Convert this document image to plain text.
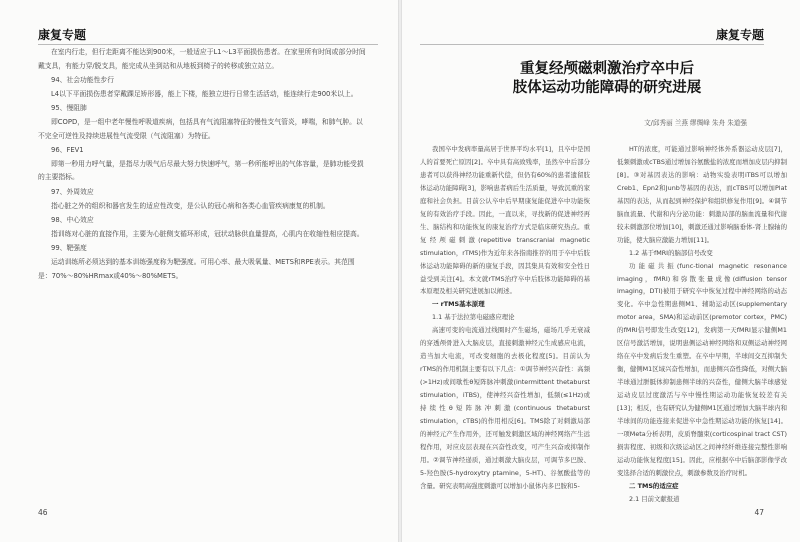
康复专题

在室内行走，但行走距离不能达到900米，一般适应于L1～L3平面损伤患者。在家里所有时间或部分时间戴支具，有能力穿/脱支具，能完成从坐到站和从地板到椅子的转移或独立站立。

94、社会功能性步行

L4以下平面损伤患者穿戴踝足矫形器，能上下楼，能独立进行日常生活活动，能连续行走900米以上。

95、慢阻肺

即COPD，是一组中老年慢性呼吸道疾病，包括具有气流阻塞特征的慢性支气管炎，哮喘，和肺气肿。以不完全可逆性及持续进展性气流受限（气流阻塞）为特征。

96、FEV1

即第一秒用力呼气量，是指尽力吸气后尽最大努力快速呼气，第一秒所能呼出的气体容量，是肺功能受损的主要指标。

97、外周效应

指心脏之外的组织和器官发生的适应性改变，是公认的冠心病和各类心血管疾病康复的机制。

98、中心效应

指训练对心脏的直接作用，主要为心脏侧支循环形成，冠状动脉供血量提高，心肌内在收缩性相应提高。

99、靶强度

运动训练所必须达到的基本训练强度称为靶强度。可用心率、最大吸氧量、METS和RPE表示。其范围是：70%～80%HRmax或40%～80%METS。

46
康复专题
重复经颅磁刺激治疗卒中后
肢体运动功能障碍的研究进展
文/邱秀丽 兰燕 缪绸峰 朱舟 朱道强

我国卒中发病率量高居于世界平均水平[1]，且卒中是国人的首要死亡原因[2]。卒中具有高致残率，虽然卒中后部分患者可以获得神经功能重新代偿，但仍有60%的患者遗留肢体运动功能障碍[3]，影响患者病后生活质量，导致沉重的家庭和社会负担。目前公认卒中后早期康复能促进卒中功能恢复的有效治疗手段。因此，一直以来，寻找新的促进神经再生、脑结构和功能恢复的康复治疗方式是临床研究热点。重复经颅磁刺激(repetitive transcranial magnetic stimulation，rTMS)作为近年来各指南推荐的用于卒中后肢体运动功能障碍的新的康复手段，因其集具有效和安全性日益受到关注[4]。本文就rTMS治疗卒中后肢体功能障碍的基本原理及相关研究进展加以阐述。

一 rTMS基本原理

1.1 基于法拉第电磁感应理论

高速可变的电流通过线圈时产生磁场，磁场几乎无衰减的穿透颅骨进入大脑皮层，直接刺激神经元生成感应电流，造当加大电流，可改变细胞的去极化程度[5]。目前认为rTMS的作用机制主要有以下几点：①调节神经兴奋性：高频(>1Hz)或间歇性θ短阵脉冲刺激(intermittent thetaburst stimulation，iTBS)，使神经兴奋性增加，低频(≤1Hz)或持续性θ短阵脉冲刺激(continuous thetaburst stimulation，cTBS)的作用相反[6]。TMS除了对刺激局部的神经元产生作用外，还可触发刺激区域的神经网络产生远程作用，对应皮层表现在兴奋性改变，可产生兴奋或抑制作用。②调节神经递质，通过刺激大脑皮层，可调节多巴胺、5-羟色胺(5-hydroxytry ptamine，5-HT)、谷氨酸盐等的含量。研究表明高强度刺激可以增加小鼠体内多巴胺和5-

HT的浓度，可能通过影响神经体外系器运动皮层[7]，低频刺激或cTBS通过增加谷氨酸盐的浓度而增加皮层内抑制[8]。③对基因表达的影响：动物实验表明iTBS可以增加Creb1、Epn2和Junb等基因的表达，而cTBS可以增加Plat基因的表达，从而起到神经保护和组织修复作用[9]。④调节脑血流量、代谢和内分泌功能：刺激局部的脑血流量和代谢较未刺激部位增加[10]，刺激还通过影响脑垂体-肾上腺轴的功能，使大脑应激能力增加[11]。

1.2 基于fMRI的脑部信号改变

功能磁共振(func-tional magnetic resonance imaging，fMRI)和弥散张量成像(diffusion tensor imaging，DTI)被用于研究卒中恢复过程中神经网络的动态变化。卒中急性期患侧M1、辅助运动区(supplementary motor area，SMA)和运动前区(premotor cortex，PMC)的fMRI信号即发生改变[12]，发病第一天fMRI显示健侧M1区信号激活增加，说明患侧运动神经网络和双侧运动神经网络在卒中发病后发生重塑。在卒中早期，半球间交互抑制失衡，健侧M1区域兴奋性增加，而患侧兴奋性降低，对侧大脑半球通过胼胝体抑制患侧半球的兴奋性，健侧大脑半球感觉运动皮层过度激活与卒中慢性期运动功能恢复较差有关[13]；相反，也有研究认为健侧M1区通过增加大脑半球内和半球间的功能连接来促进卒中急性期运动功能的恢复[14]。一项Meta分析表明，皮质脊髓束(corticospinal tract CST)损害程度、初级和次级运动区之间神经纤维连接完整性影响运动功能恢复程度[15]。因此，应根据卒中后脑部影像学改变选择合适的刺激位点，刺激参数及治疗时机。

二 TMS的适应症

2.1 目前文献报道

47
